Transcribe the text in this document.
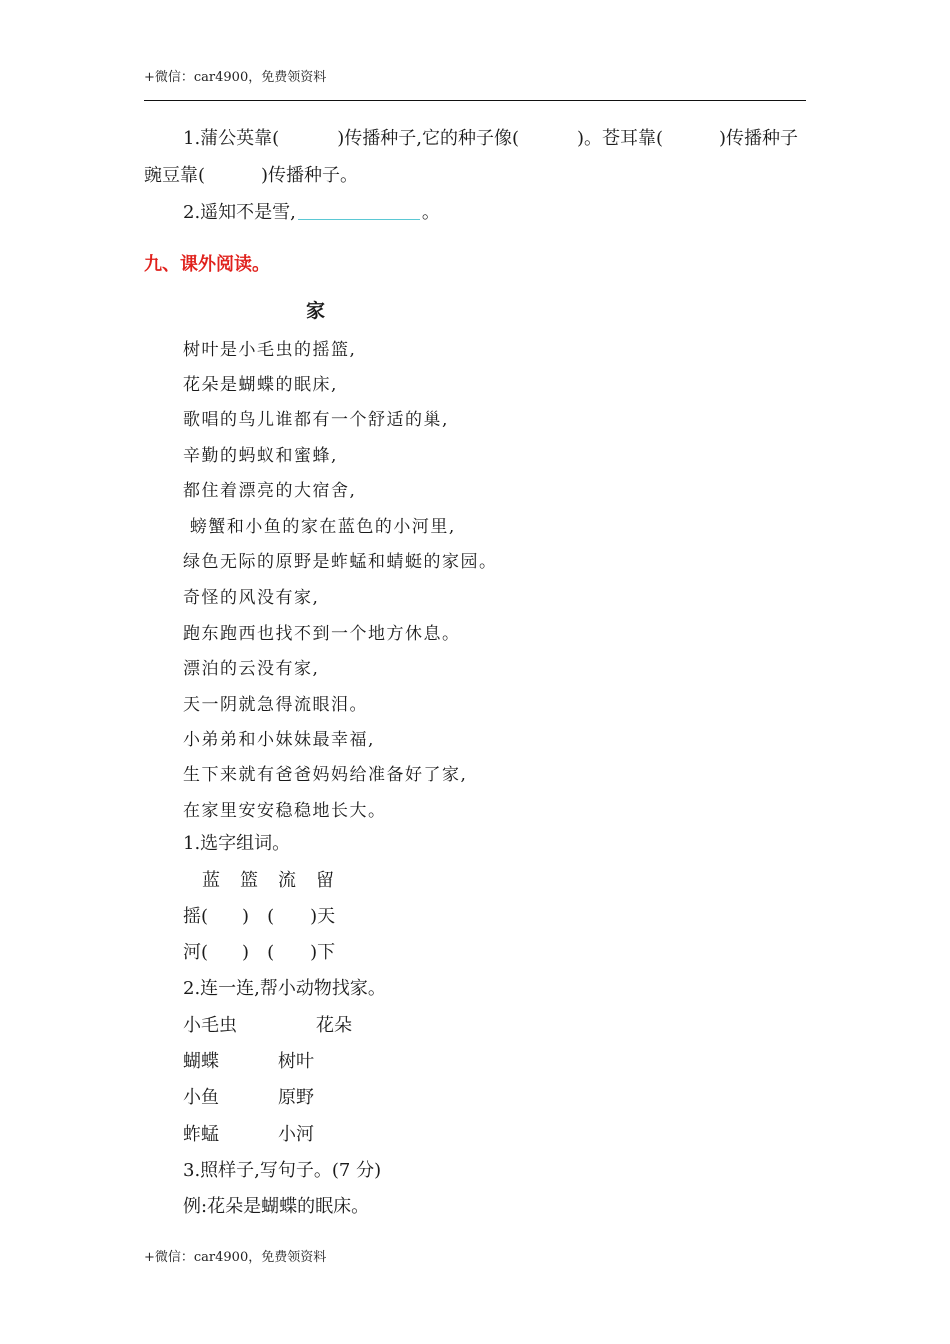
+微信：car4900，免费领资料
1.蒲公英靠(	)传播种子,它的种子像(	)。苍耳靠(	)传播种子
豌豆靠(	)传播种子。
2.遥知不是雪,	。
九、课外阅读。
家
树叶是小毛虫的摇篮,
花朵是蝴蝶的眠床,
歌唱的鸟儿谁都有一个舒适的巢,
辛勤的蚂蚁和蜜蜂,
都住着漂亮的大宿舍,
螃蟹和小鱼的家在蓝色的小河里,
绿色无际的原野是蚱蜢和蜻蜓的家园。
奇怪的风没有家,
跑东跑西也找不到一个地方休息。
漂泊的云没有家,
天一阴就急得流眼泪。
小弟弟和小妹妹最幸福,
生下来就有爸爸妈妈给准备好了家,
在家里安安稳稳地长大。
1.选字组词。
蓝 篮 流 留
摇( ) ( )天
河( ) ( )下
2.连一连,帮小动物找家。
小毛虫	花朵
蝴蝶	树叶
小鱼	原野
蚱蜢	小河
3.照样子,写句子。(7 分)
例:花朵是蝴蝶的眠床。
+微信：car4900，免费领资料
